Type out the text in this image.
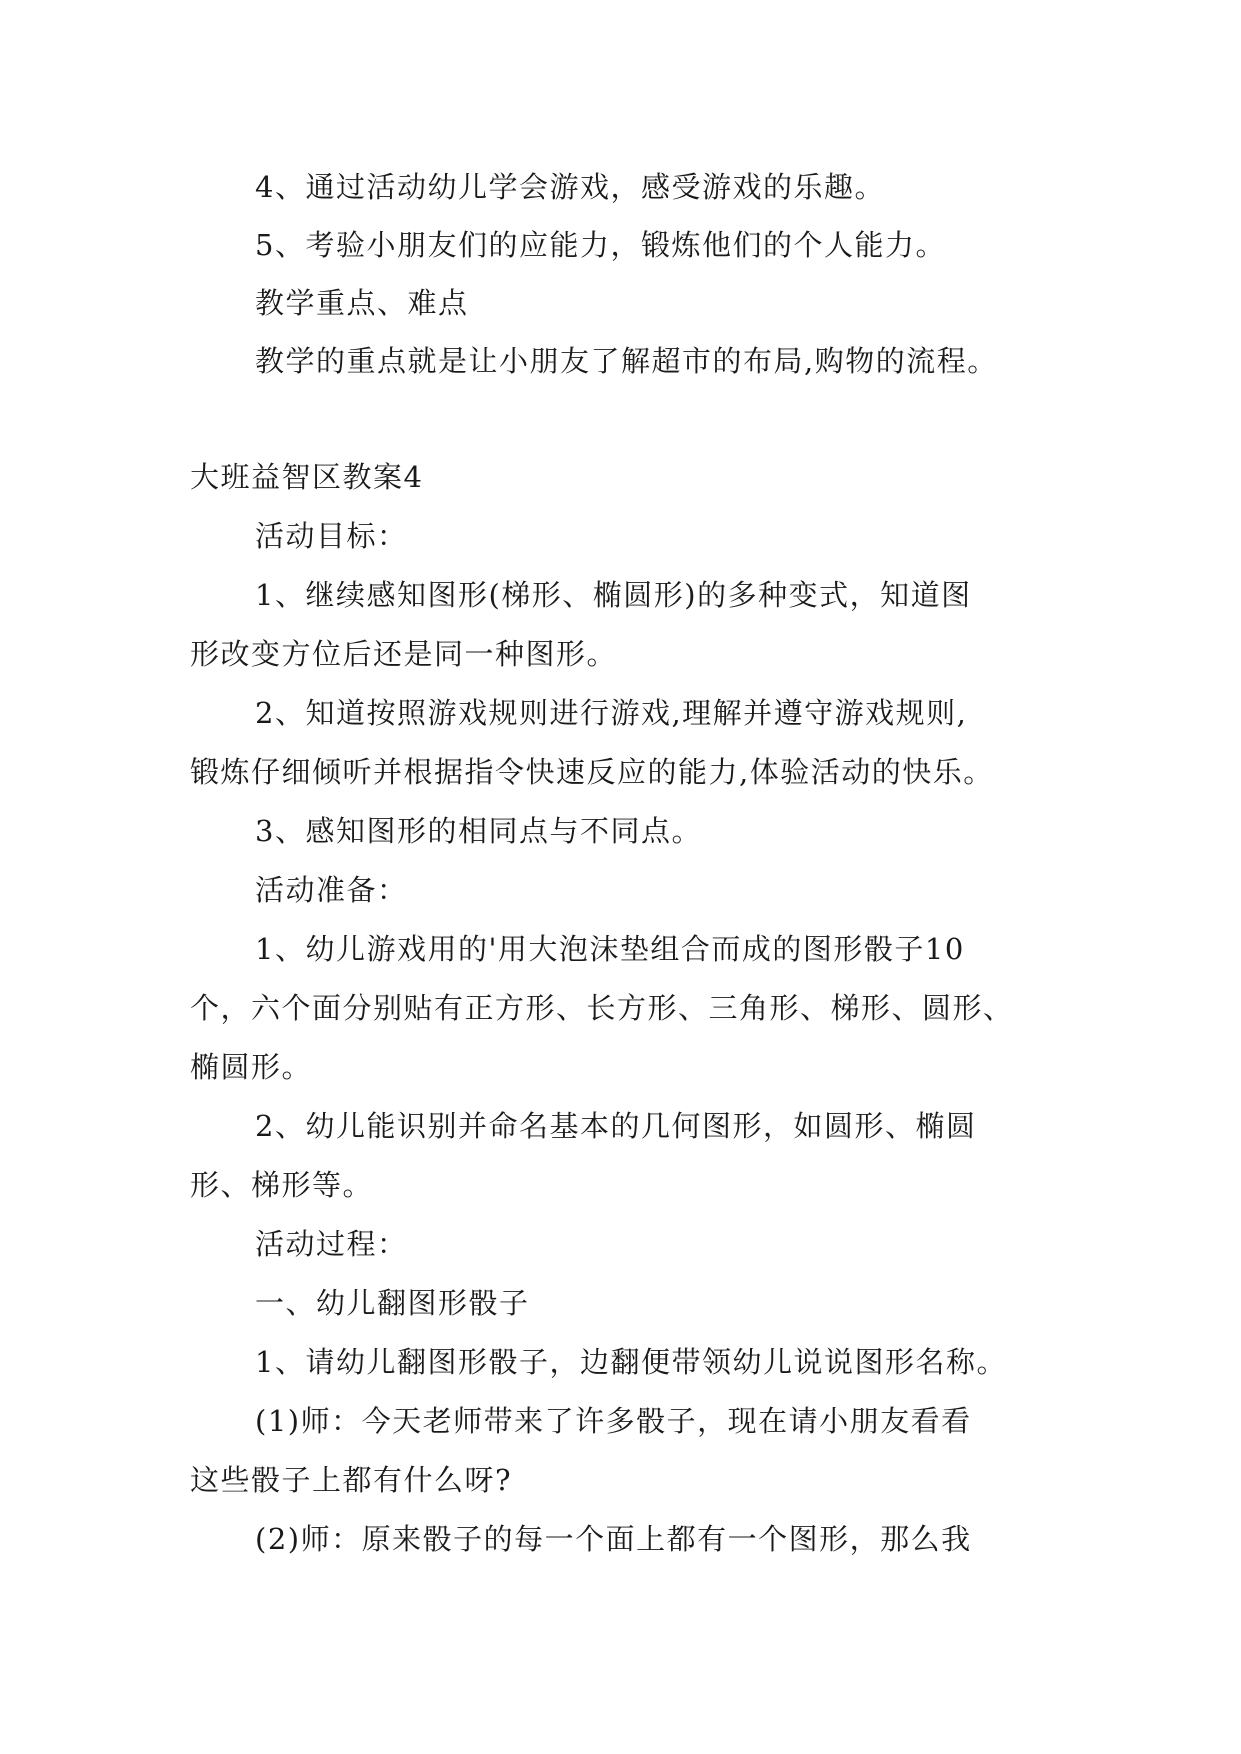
4、通过活动幼儿学会游戏，感受游戏的乐趣。
5、考验小朋友们的应能力，锻炼他们的个人能力。
教学重点、难点
教学的重点就是让小朋友了解超市的布局,购物的流程。
大班益智区教案4
活动目标：
1、继续感知图形(梯形、椭圆形)的多种变式，知道图
形改变方位后还是同一种图形。
2、知道按照游戏规则进行游戏,理解并遵守游戏规则,
锻炼仔细倾听并根据指令快速反应的能力,体验活动的快乐。
3、感知图形的相同点与不同点。
活动准备：
1、幼儿游戏用的'用大泡沫垫组合而成的图形骰子10
个，六个面分别贴有正方形、长方形、三角形、梯形、圆形、
椭圆形。
2、幼儿能识别并命名基本的几何图形，如圆形、椭圆
形、梯形等。
活动过程：
一、幼儿翻图形骰子
1、请幼儿翻图形骰子，边翻便带领幼儿说说图形名称。
(1)师：今天老师带来了许多骰子，现在请小朋友看看
这些骰子上都有什么呀?
(2)师：原来骰子的每一个面上都有一个图形，那么我
